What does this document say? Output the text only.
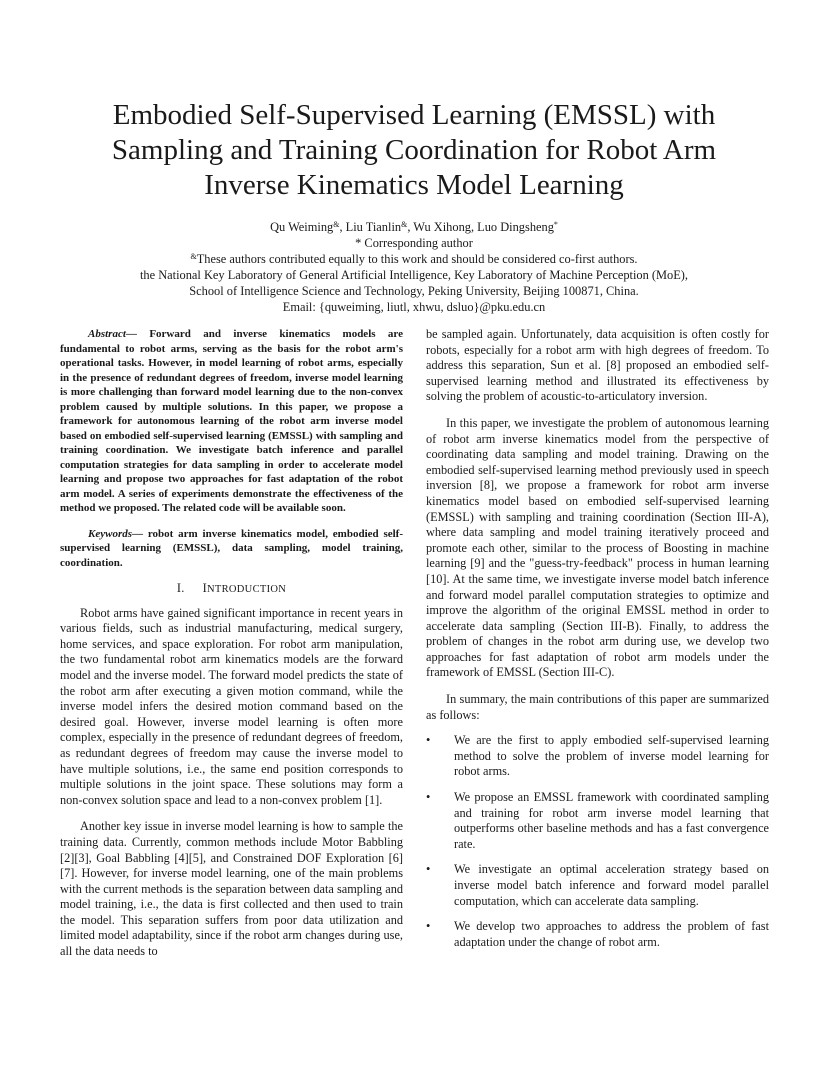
Embodied Self-Supervised Learning (EMSSL) with
Sampling and Training Coordination for Robot Arm
Inverse Kinematics Model Learning
Qu Weiming&, Liu Tianlin&, Wu Xihong, Luo Dingsheng*
* Corresponding author
&These authors contributed equally to this work and should be considered co-first authors.
the National Key Laboratory of General Artificial Intelligence, Key Laboratory of Machine Perception (MoE),
School of Intelligence Science and Technology, Peking University, Beijing 100871, China.
Email: {quweiming, liutl, xhwu, dsluo}@pku.edu.cn

Abstract— Forward and inverse kinematics models are fundamental to robot arms, serving as the basis for the robot arm's operational tasks. However, in model learning of robot arms, especially in the presence of redundant degrees of freedom, inverse model learning is more challenging than forward model learning due to the non-convex problem caused by multiple solutions. In this paper, we propose a framework for autonomous learning of the robot arm inverse model based on embodied self-supervised learning (EMSSL) with sampling and training coordination. We investigate batch inference and parallel computation strategies for data sampling in order to accelerate model learning and propose two approaches for fast adaptation of the robot arm model. A series of experiments demonstrate the effectiveness of the method we proposed. The related code will be available soon.

Keywords— robot arm inverse kinematics model, embodied self-supervised learning (EMSSL), data sampling, model training, coordination.

I. INTRODUCTION

Robot arms have gained significant importance in recent years in various fields, such as industrial manufacturing, medical surgery, home services, and space exploration. For robot arm manipulation, the two fundamental robot arm kinematics models are the forward model and the inverse model. The forward model predicts the state of the robot arm after executing a given motion command, while the inverse model infers the desired motion command based on the desired goal. However, inverse model learning is often more complex, especially in the presence of redundant degrees of freedom, as redundant degrees of freedom may cause the inverse model to have multiple solutions, i.e., the same end position corresponds to multiple solutions in the joint space. These solutions may form a non-convex solution space and lead to a non-convex problem [1].

Another key issue in inverse model learning is how to sample the training data. Currently, common methods include Motor Babbling [2][3], Goal Babbling [4][5], and Constrained DOF Exploration [6][7]. However, for inverse model learning, one of the main problems with the current methods is the separation between data sampling and model training, i.e., the data is first collected and then used to train the model. This separation suffers from poor data utilization and limited model adaptability, since if the robot arm changes during use, all the data needs to

be sampled again. Unfortunately, data acquisition is often costly for robots, especially for a robot arm with high degrees of freedom. To address this separation, Sun et al. [8] proposed an embodied self-supervised learning method and illustrated its effectiveness by solving the problem of acoustic-to-articulatory inversion.

In this paper, we investigate the problem of autonomous learning of robot arm inverse kinematics model from the perspective of coordinating data sampling and model training. Drawing on the embodied self-supervised learning method previously used in speech inversion [8], we propose a framework for robot arm inverse kinematics model based on embodied self-supervised learning (EMSSL) with sampling and training coordination (Section III-A), where data sampling and model training iteratively proceed and promote each other, similar to the process of Boosting in machine learning [9] and the "guess-try-feedback" process in human learning [10]. At the same time, we investigate inverse model batch inference and forward model parallel computation strategies to optimize and improve the algorithm of the original EMSSL method in order to accelerate data sampling (Section III-B). Finally, to address the problem of changes in the robot arm during use, we develop two approaches for fast adaptation of robot arm models under the framework of EMSSL (Section III-C).

In summary, the main contributions of this paper are summarized as follows:

•	We are the first to apply embodied self-supervised learning method to solve the problem of inverse model learning for robot arms.
•	We propose an EMSSL framework with coordinated sampling and training for robot arm inverse model learning that outperforms other baseline methods and has a fast convergence rate.
•	We investigate an optimal acceleration strategy based on inverse model batch inference and forward model parallel computation, which can accelerate data sampling.
•	We develop two approaches to address the problem of fast adaptation under the change of robot arm.
